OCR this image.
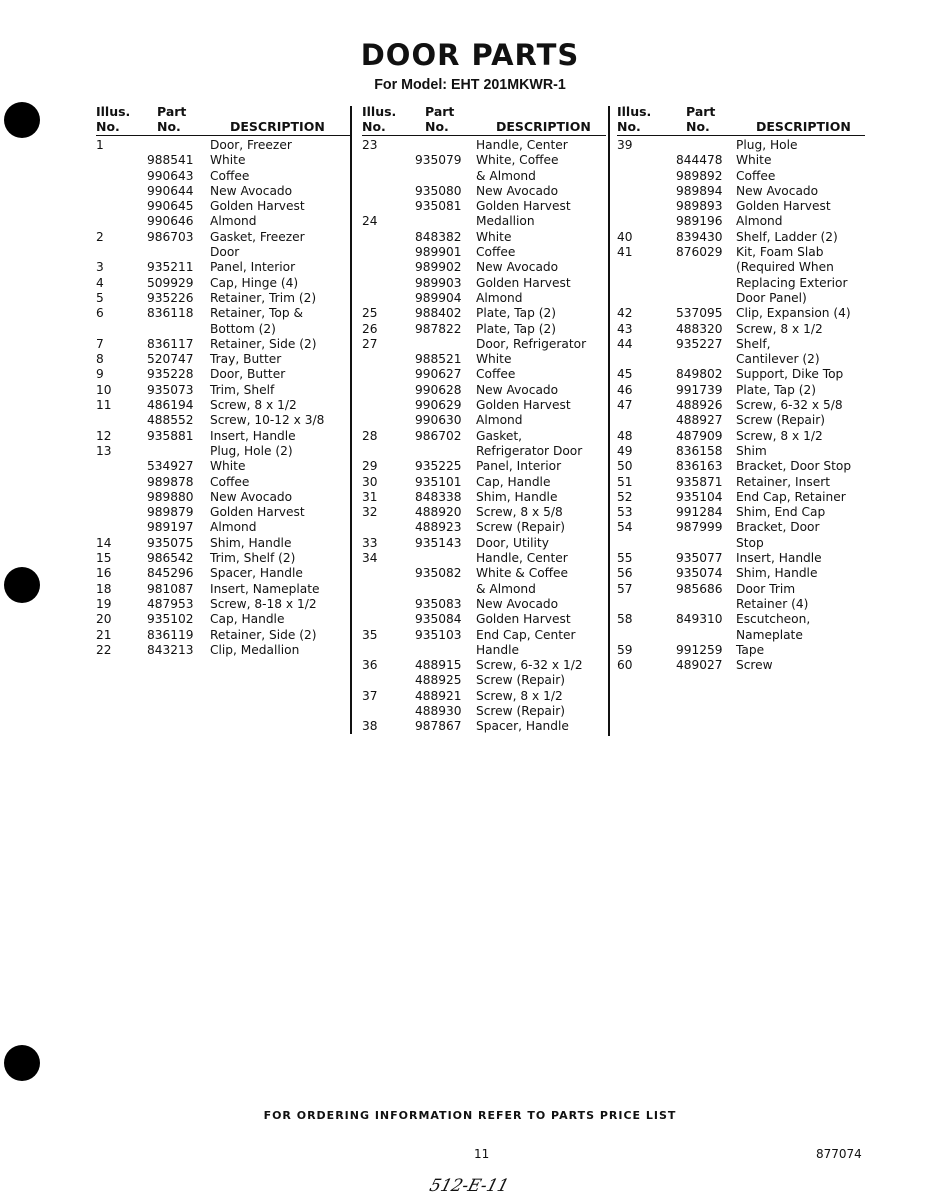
DOOR PARTS
For Model: EHT 201MKWR-1
Illus.
No.
Part
No.	DESCRIPTION
1	Door, Freezer
988541 White
990643 Coffee
990644 New Avocado
990645 Golden Harvest
990646 Almond
2	986703 Gasket, Freezer
Door
3	935211 Panel, Interior
4	509929 Cap, Hinge (4)
5	935226 Retainer, Trim (2)
6	836118 Retainer, Top &
Bottom (2)
7	836117 Retainer, Side (2)
8	520747 Tray, Butter
9	935228 Door, Butter
10	935073 Trim, Shelf
11	486194 Screw, 8 x 1/2
488552 Screw, 10-12 x 3/8
12	935881 Insert, Handle
13	Plug, Hole (2)
534927 White
989878 Coffee
989880 New Avocado
989879 Golden Harvest
989197 Almond
14	935075 Shim, Handle
15	986542 Trim, Shelf (2)
16	845296 Spacer, Handle
18	981087 Insert, Nameplate
19	487953 Screw, 8-18 x 1/2
20	935102 Cap, Handle
21	836119 Retainer, Side (2)
22	843213 Clip, Medallion
Illus.
No.
Part
No.	DESCRIPTION
23	Handle, Center
935079 White, Coffee
& Almond
935080 New Avocado
935081 Golden Harvest
24	Medallion
848382 White
989901 Coffee
989902 New Avocado
989903 Golden Harvest
989904 Almond
25	988402 Plate, Tap (2)
26	987822 Plate, Tap (2)
27	Door, Refrigerator
988521 White
990627 Coffee
990628 New Avocado
990629 Golden Harvest
990630 Almond
28	986702 Gasket,
Refrigerator Door
29	935225 Panel, Interior
30	935101 Cap, Handle
31	848338 Shim, Handle
32	488920 Screw, 8 x 5/8
488923 Screw (Repair)
33	935143 Door, Utility
34	Handle, Center
935082 White & Coffee
& Almond
935083 New Avocado
935084 Golden Harvest
35	935103 End Cap, Center
Handle
36	488915 Screw, 6-32 x 1/2
488925 Screw (Repair)
37	488921 Screw, 8 x 1/2
488930 Screw (Repair)
38	987867 Spacer, Handle
Illus.
No.
Part
No.	DESCRIPTION
39	Plug, Hole
844478 White
989892 Coffee
989894 New Avocado
989893 Golden Harvest
989196 Almond
40	839430 Shelf, Ladder (2)
41	876029 Kit, Foam Slab
(Required When
Replacing Exterior
Door Panel)
42	537095 Clip, Expansion (4)
43	488320 Screw, 8 x 1/2
44	935227 Shelf,
Cantilever (2)
45	849802 Support, Dike Top
46	991739 Plate, Tap (2)
47	488926 Screw, 6-32 x 5/8
488927 Screw (Repair)
48	487909 Screw, 8 x 1/2
49	836158 Shim
50	836163 Bracket, Door Stop
51	935871 Retainer, Insert
52	935104 End Cap, Retainer
53	991284 Shim, End Cap
54	987999 Bracket, Door
Stop
55	935077 Insert, Handle
56	935074 Shim, Handle
57	985686 Door Trim
Retainer (4)
58	849310 Escutcheon,
Nameplate
59	991259 Tape
60	489027 Screw
FOR ORDERING INFORMATION REFER TO PARTS PRICE LIST
11	877074
512-E-11
